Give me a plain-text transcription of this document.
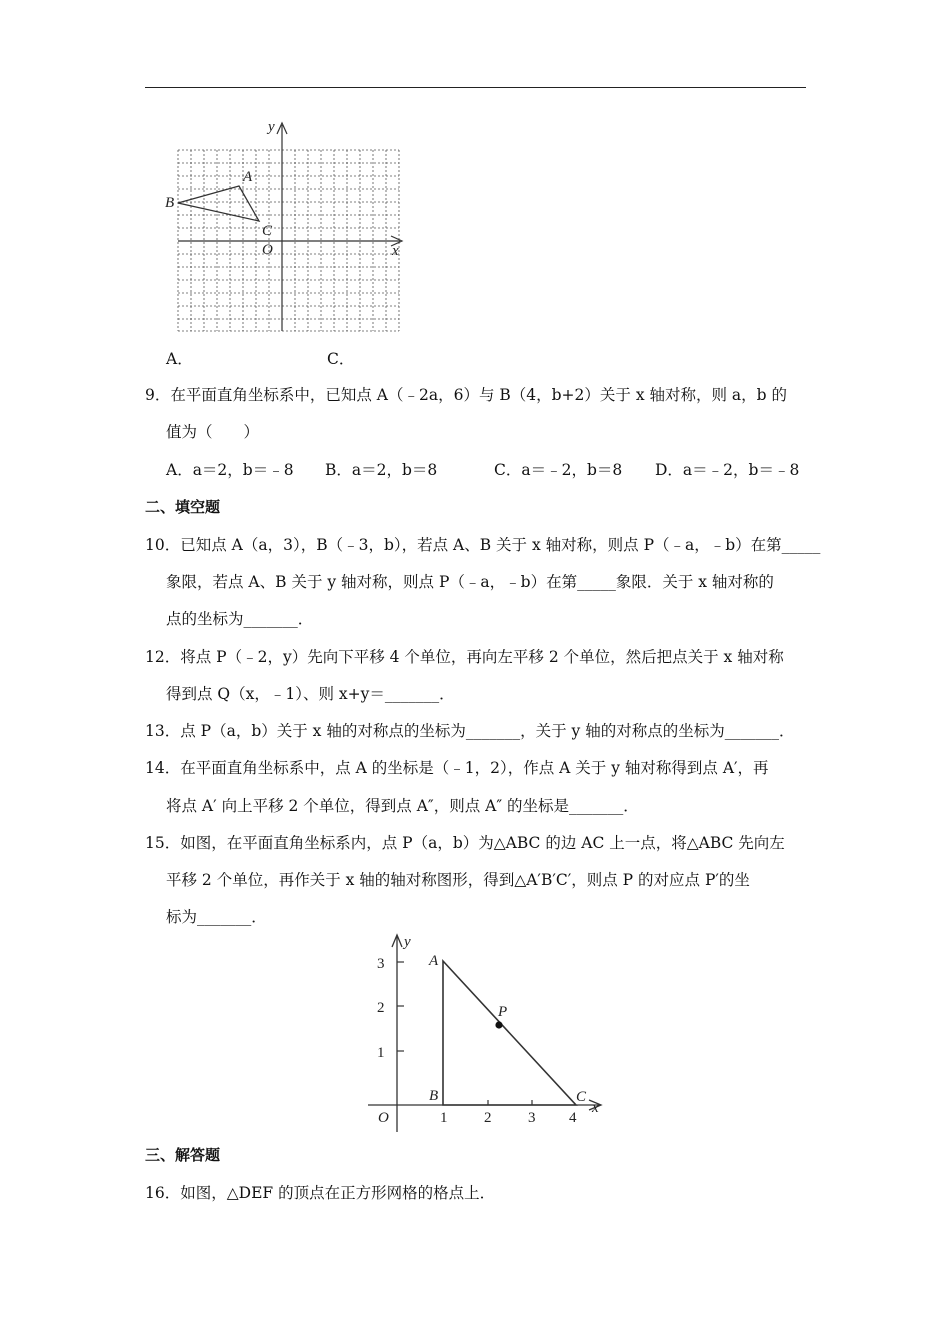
y
x
A
B
C
O
A．	C．
9．在平面直角坐标系中，已知点 A（﹣2a，6）与 B（4，b+2）关于 x 轴对称，则 a，b 的
值为（　　）
A．a＝2，b＝﹣8 B．a＝2，b＝8	C．a＝﹣2，b＝8 D．a＝﹣2，b＝﹣8
二、填空题
10．已知点 A（a，3），B（﹣3，b），若点 A、B 关于 x 轴对称，则点 P（﹣a，﹣b）在第_____
象限，若点 A、B 关于 y 轴对称，则点 P（﹣a，﹣b）在第_____象限．关于 x 轴对称的
点的坐标为_______．
12．将点 P（﹣2，y）先向下平移 4 个单位，再向左平移 2 个单位，然后把点关于 x 轴对称
得到点 Q（x，﹣1）、则 x+y＝_______．
13．点 P（a，b）关于 x 轴的对称点的坐标为_______，关于 y 轴的对称点的坐标为_______．
14．在平面直角坐标系中，点 A 的坐标是（﹣1，2），作点 A 关于 y 轴对称得到点 A′，再
将点 A′ 向上平移 2 个单位，得到点 A″，则点 A″ 的坐标是_______．
15．如图，在平面直角坐标系内，点 P（a，b）为△ABC 的边 AC 上一点，将△ABC 先向左
平移 2 个单位，再作关于 x 轴的轴对称图形，得到△A′B′C′，则点 P 的对应点 P′的坐
标为_______．
y
x
O	1 2 3 4
1
2
3	A
B	C
P
三、解答题
16．如图，△DEF 的顶点在正方形网格的格点上．
